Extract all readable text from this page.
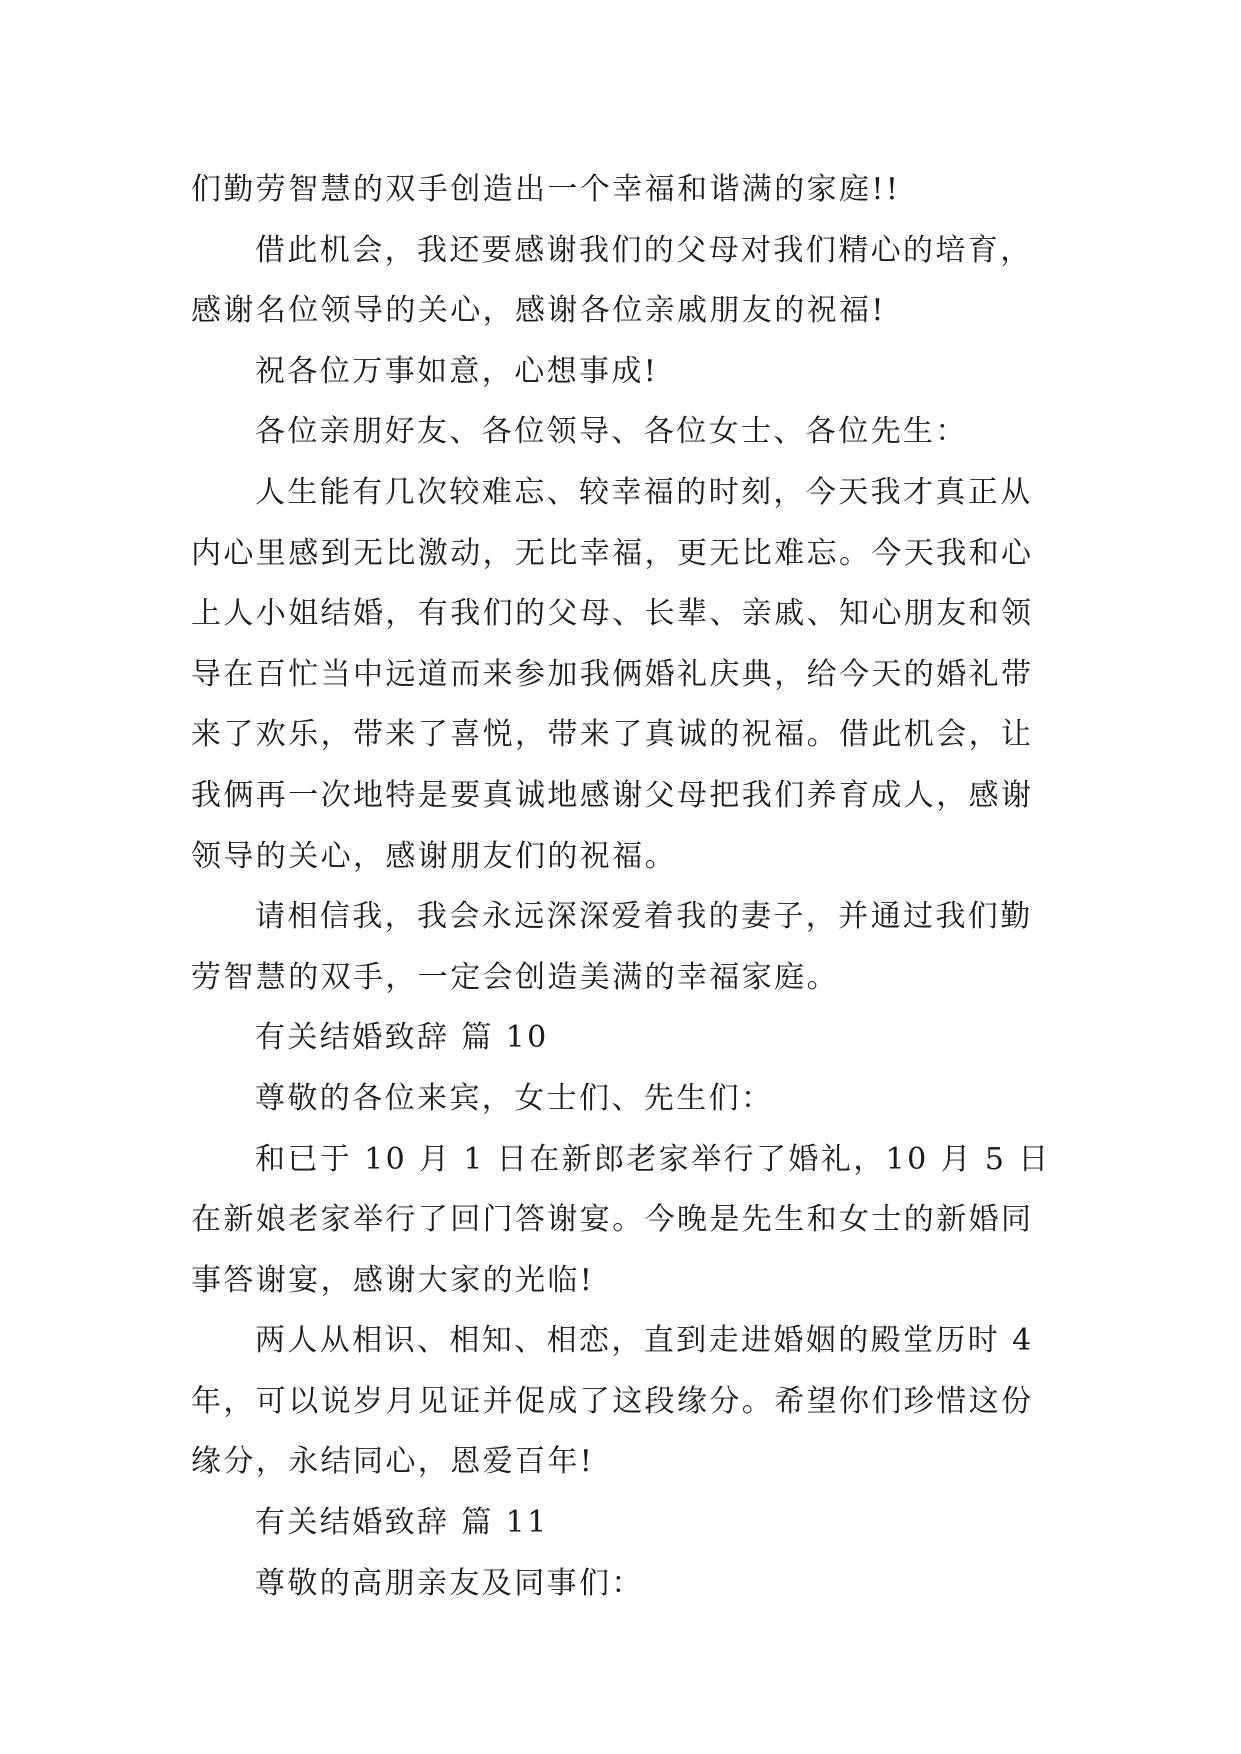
们勤劳智慧的双手创造出一个幸福和谐满的家庭!!

借此机会，我还要感谢我们的父母对我们精心的培育，感谢名位领导的关心，感谢各位亲戚朋友的祝福!

祝各位万事如意，心想事成!

各位亲朋好友、各位领导、各位女士、各位先生：

人生能有几次较难忘、较幸福的时刻，今天我才真正从内心里感到无比激动，无比幸福，更无比难忘。今天我和心上人小姐结婚，有我们的父母、长辈、亲戚、知心朋友和领导在百忙当中远道而来参加我俩婚礼庆典，给今天的婚礼带来了欢乐，带来了喜悦，带来了真诚的祝福。借此机会，让我俩再一次地特是要真诚地感谢父母把我们养育成人，感谢领导的关心，感谢朋友们的祝福。

请相信我，我会永远深深爱着我的妻子，并通过我们勤劳智慧的双手，一定会创造美满的幸福家庭。

有关结婚致辞 篇 10

尊敬的各位来宾，女士们、先生们：

和已于 10 月 1 日在新郎老家举行了婚礼，10 月 5 日在新娘老家举行了回门答谢宴。今晚是先生和女士的新婚同事答谢宴，感谢大家的光临!

两人从相识、相知、相恋，直到走进婚姻的殿堂历时 4 年，可以说岁月见证并促成了这段缘分。希望你们珍惜这份缘分，永结同心，恩爱百年!

有关结婚致辞 篇 11

尊敬的高朋亲友及同事们：
